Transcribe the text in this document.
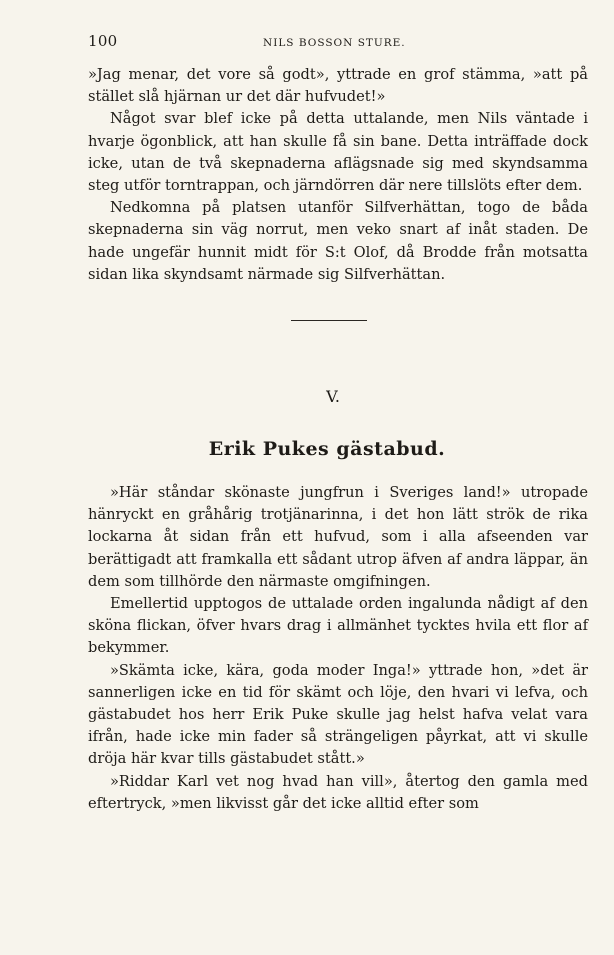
100	NILS BOSSON STURE.

»Jag menar, det vore så godt», yttrade en grof stämma, »att på stället slå hjärnan ur det där hufvudet!»

Något svar blef icke på detta uttalande, men Nils väntade i hvarje ögonblick, att han skulle få sin bane. Detta inträffade dock icke, utan de två skepnaderna aflägsnade sig med skyndsamma steg utför torntrappan, och järndörren där nere tillslöts efter dem.

Nedkomna på platsen utanför Silfverhättan, togo de båda skepnaderna sin väg norrut, men veko snart af inåt staden. De hade ungefär hunnit midt för S:t Olof, då Brodde från motsatta sidan lika skyndsamt närmade sig Silfverhättan.

V.
Erik Pukes gästabud.

»Här ståndar skönaste jungfrun i Sveriges land!» utropade hänryckt en gråhårig trotjänarinna, i det hon lätt strök de rika lockarna åt sidan från ett hufvud, som i alla afseenden var berättigadt att framkalla ett sådant utrop äfven af andra läppar, än dem som tillhörde den närmaste omgifningen.

Emellertid upptogos de uttalade orden ingalunda nådigt af den sköna flickan, öfver hvars drag i allmänhet tycktes hvila ett flor af bekymmer.

»Skämta icke, kära, goda moder Inga!» yttrade hon, »det är sannerligen icke en tid för skämt och löje, den hvari vi lefva, och gästabudet hos herr Erik Puke skulle jag helst hafva velat vara ifrån, hade icke min fader så strängeligen påyrkat, att vi skulle dröja här kvar tills gästabudet stått.»

»Riddar Karl vet nog hvad han vill», återtog den gamla med eftertryck, »men likvisst går det icke alltid efter som
